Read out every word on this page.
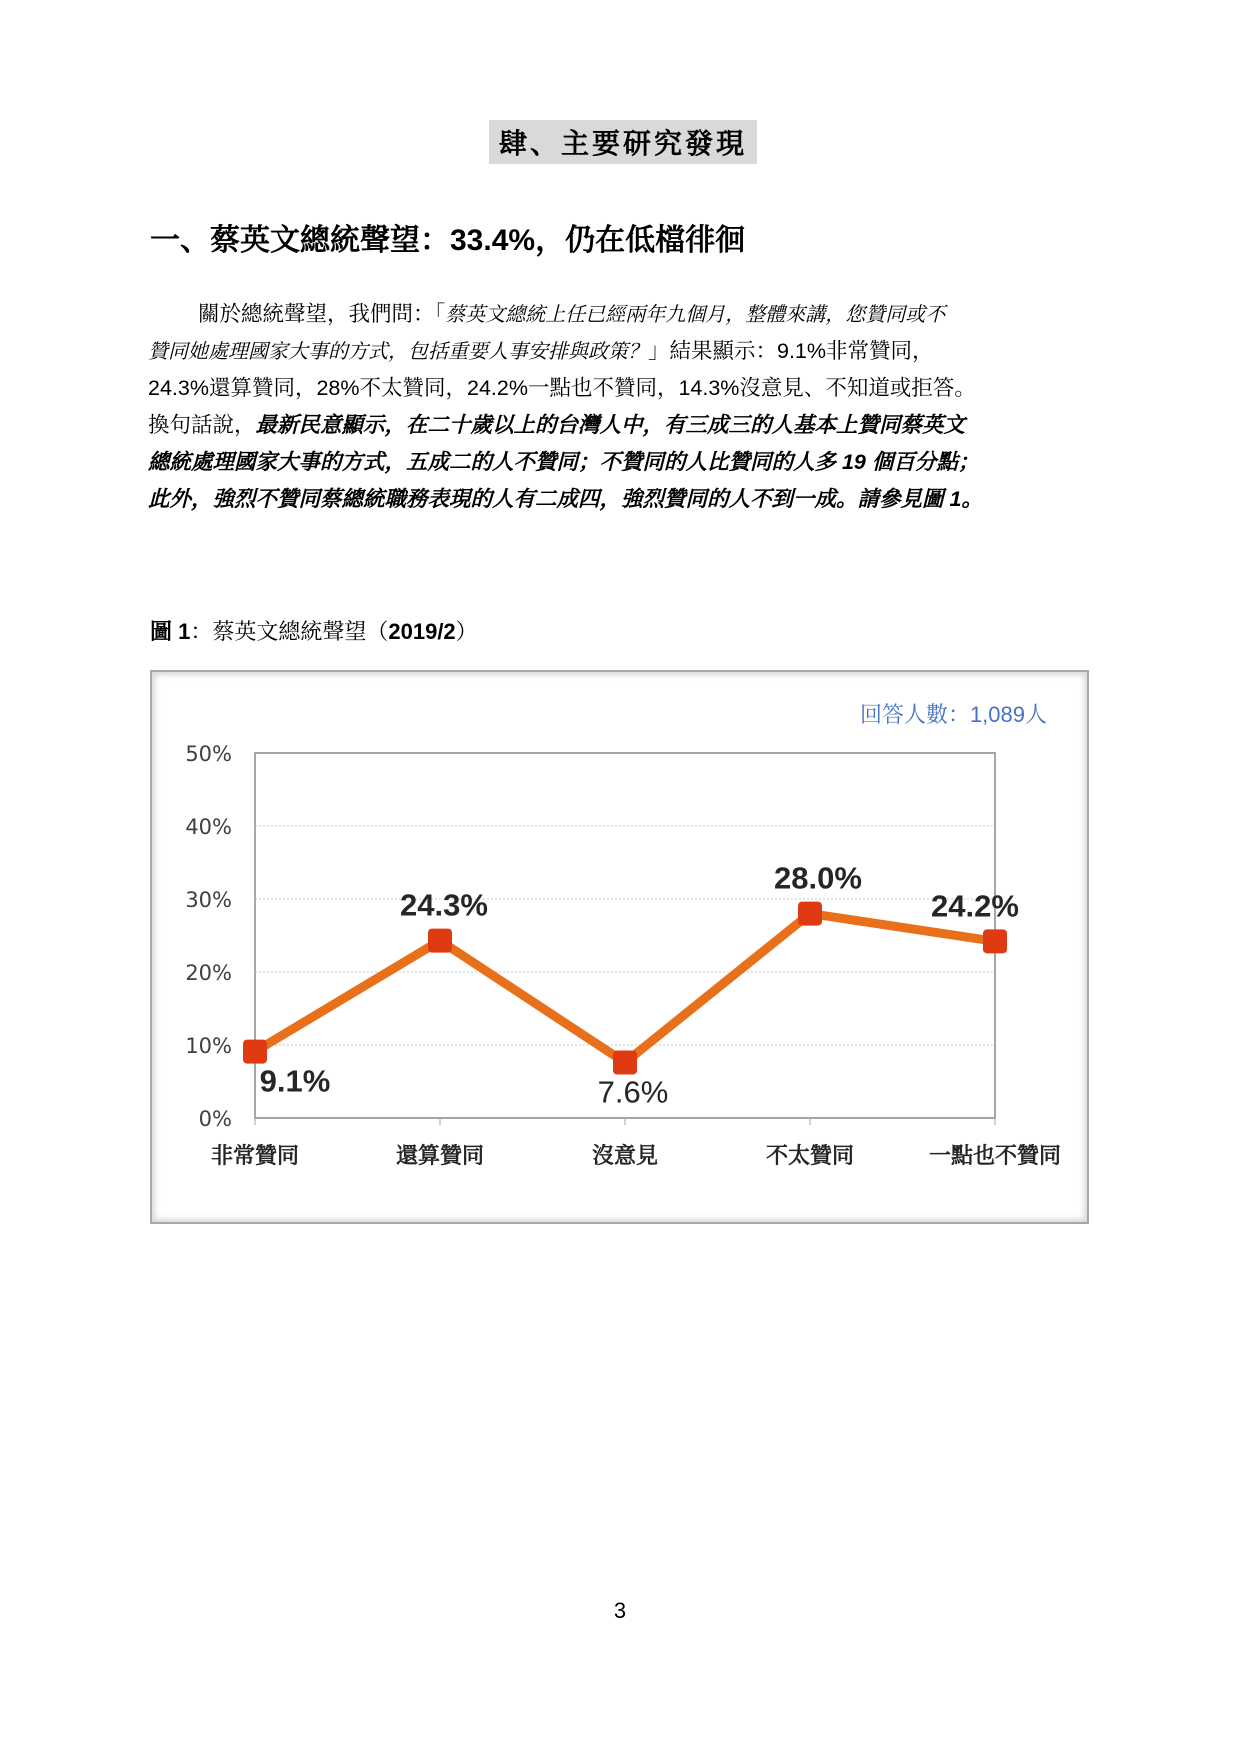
肆、主要研究發現
一、蔡英文總統聲望：33.4%，仍在低檔徘徊
關於總統聲望，我們問：「蔡英文總統上任已經兩年九個月，整體來講，您贊同或不
贊同她處理國家大事的方式，包括重要人事安排與政策？」結果顯示：9.1%非常贊同，
24.3%還算贊同，28%不太贊同，24.2%一點也不贊同，14.3%沒意見、不知道或拒答。
換句話說，最新民意顯示，在二十歲以上的台灣人中，有三成三的人基本上贊同蔡英文
總統處理國家大事的方式，五成二的人不贊同；不贊同的人比贊同的人多 19 個百分點；
此外，強烈不贊同蔡總統職務表現的人有二成四，強烈贊同的人不到一成。請參見圖 1。
圖 1：蔡英文總統聲望（2019/2）
0%
10%
20%
30%
40%
50%
非常贊同	還算贊同	沒意見	不太贊同	一點也不贊同
9.1%
24.3%
7.6%
28.0%
24.2%
回答人數：1,089人
3
